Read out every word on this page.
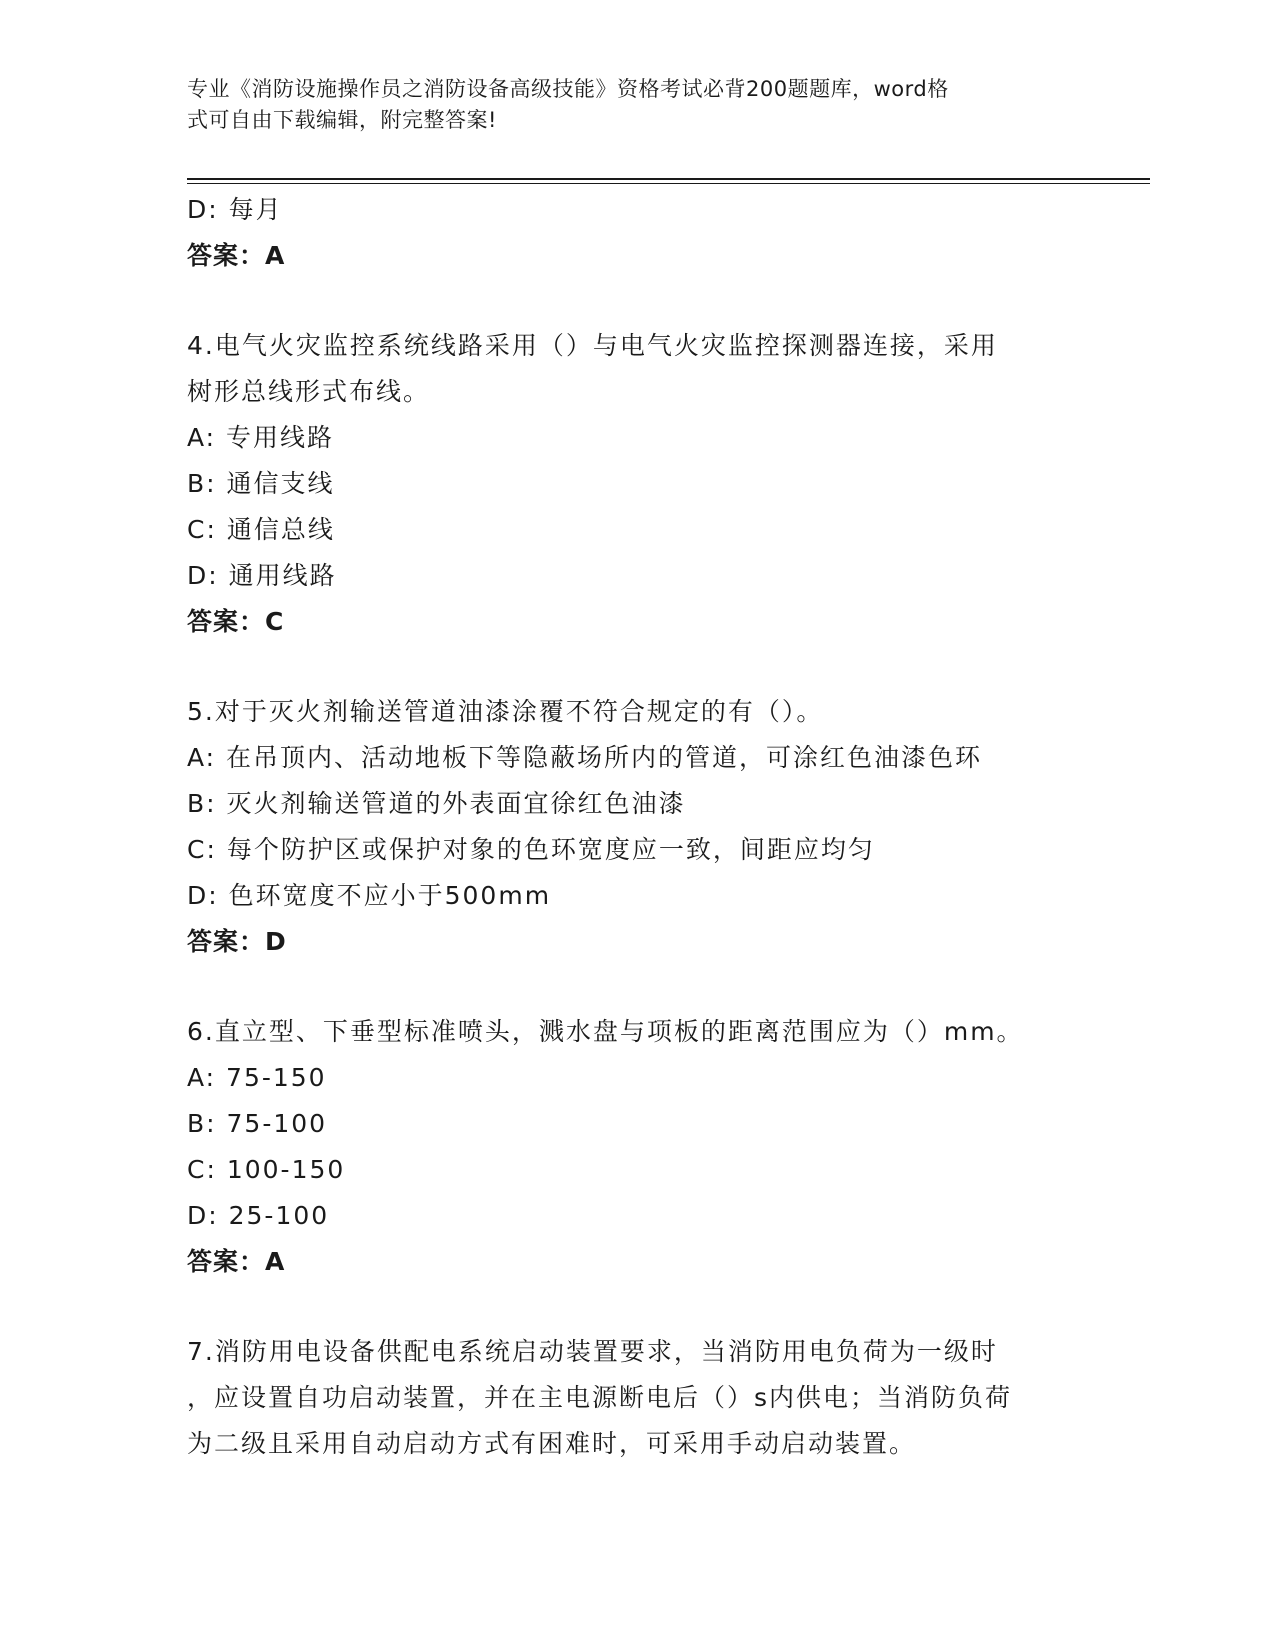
专业《消防设施操作员之消防设备高级技能》资格考试必背200题题库，word格
式可自由下载编辑，附完整答案!
D: 每月
答案：A
4.电气火灾监控系统线路采用（）与电气火灾监控探测器连接，采用
树形总线形式布线。
A: 专用线路
B: 通信支线
C: 通信总线
D: 通用线路
答案：C
5.对于灭火剂输送管道油漆涂覆不符合规定的有（）。
A: 在吊顶内、活动地板下等隐蔽场所内的管道，可涂红色油漆色环
B: 灭火剂输送管道的外表面宜徐红色油漆
C: 每个防护区或保护对象的色环宽度应一致，间距应均匀
D: 色环宽度不应小于500mm
答案：D
6.直立型、下垂型标准喷头，溅水盘与项板的距离范围应为（）mm。
A: 75-150
B: 75-100
C: 100-150
D: 25-100
答案：A
7.消防用电设备供配电系统启动装置要求，当消防用电负荷为一级时
，应设置自功启动装置，并在主电源断电后（）s内供电；当消防负荷
为二级且采用自动启动方式有困难时，可采用手动启动装置。
